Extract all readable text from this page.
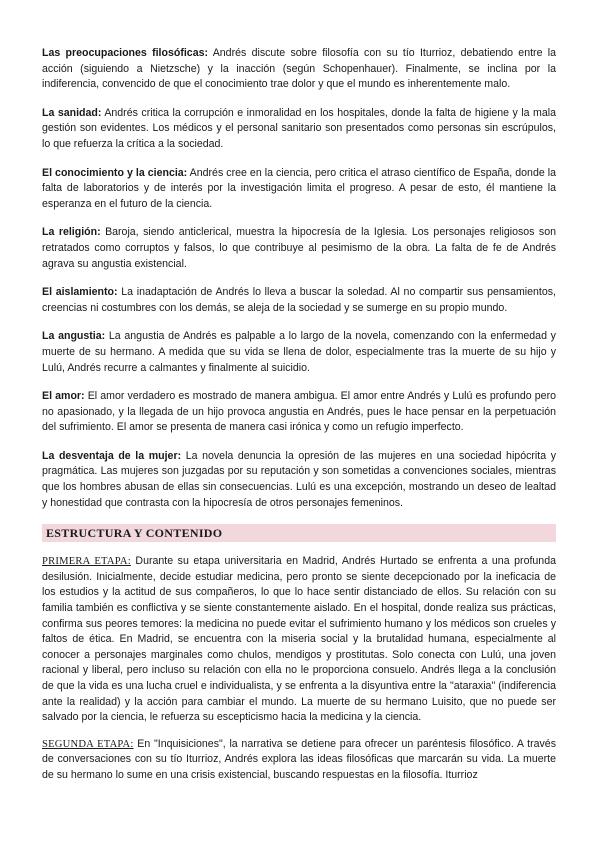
Las preocupaciones filosóficas: Andrés discute sobre filosofía con su tío Iturrioz, debatiendo entre la acción (siguiendo a Nietzsche) y la inacción (según Schopenhauer). Finalmente, se inclina por la indiferencia, convencido de que el conocimiento trae dolor y que el mundo es inherentemente malo.

La sanidad: Andrés critica la corrupción e inmoralidad en los hospitales, donde la falta de higiene y la mala gestión son evidentes. Los médicos y el personal sanitario son presentados como personas sin escrúpulos, lo que refuerza la crítica a la sociedad.

El conocimiento y la ciencia: Andrés cree en la ciencia, pero critica el atraso científico de España, donde la falta de laboratorios y de interés por la investigación limita el progreso. A pesar de esto, él mantiene la esperanza en el futuro de la ciencia.

La religión: Baroja, siendo anticlerical, muestra la hipocresía de la Iglesia. Los personajes religiosos son retratados como corruptos y falsos, lo que contribuye al pesimismo de la obra. La falta de fe de Andrés agrava su angustia existencial.

El aislamiento: La inadaptación de Andrés lo lleva a buscar la soledad. Al no compartir sus pensamientos, creencias ni costumbres con los demás, se aleja de la sociedad y se sumerge en su propio mundo.

La angustia: La angustia de Andrés es palpable a lo largo de la novela, comenzando con la enfermedad y muerte de su hermano. A medida que su vida se llena de dolor, especialmente tras la muerte de su hijo y Lulú, Andrés recurre a calmantes y finalmente al suicidio.

El amor: El amor verdadero es mostrado de manera ambigua. El amor entre Andrés y Lulú es profundo pero no apasionado, y la llegada de un hijo provoca angustia en Andrés, pues le hace pensar en la perpetuación del sufrimiento. El amor se presenta de manera casi irónica y como un refugio imperfecto.

La desventaja de la mujer: La novela denuncia la opresión de las mujeres en una sociedad hipócrita y pragmática. Las mujeres son juzgadas por su reputación y son sometidas a convenciones sociales, mientras que los hombres abusan de ellas sin consecuencias. Lulú es una excepción, mostrando un deseo de lealtad y honestidad que contrasta con la hipocresía de otros personajes femeninos.

ESTRUCTURA Y CONTENIDO

PRIMERA ETAPA: Durante su etapa universitaria en Madrid, Andrés Hurtado se enfrenta a una profunda desilusión. Inicialmente, decide estudiar medicina, pero pronto se siente decepcionado por la ineficacia de los estudios y la actitud de sus compañeros, lo que lo hace sentir distanciado de ellos. Su relación con su familia también es conflictiva y se siente constantemente aislado. En el hospital, donde realiza sus prácticas, confirma sus peores temores: la medicina no puede evitar el sufrimiento humano y los médicos son crueles y faltos de ética. En Madrid, se encuentra con la miseria social y la brutalidad humana, especialmente al conocer a personajes marginales como chulos, mendigos y prostitutas. Solo conecta con Lulú, una joven racional y liberal, pero incluso su relación con ella no le proporciona consuelo. Andrés llega a la conclusión de que la vida es una lucha cruel e individualista, y se enfrenta a la disyuntiva entre la "ataraxia" (indiferencia ante la realidad) y la acción para cambiar el mundo. La muerte de su hermano Luisito, que no puede ser salvado por la ciencia, le refuerza su escepticismo hacia la medicina y la ciencia.

SEGUNDA ETAPA: En "Inquisiciones", la narrativa se detiene para ofrecer un paréntesis filosófico. A través de conversaciones con su tío Iturrioz, Andrés explora las ideas filosóficas que marcarán su vida. La muerte de su hermano lo sume en una crisis existencial, buscando respuestas en la filosofía. Iturrioz
